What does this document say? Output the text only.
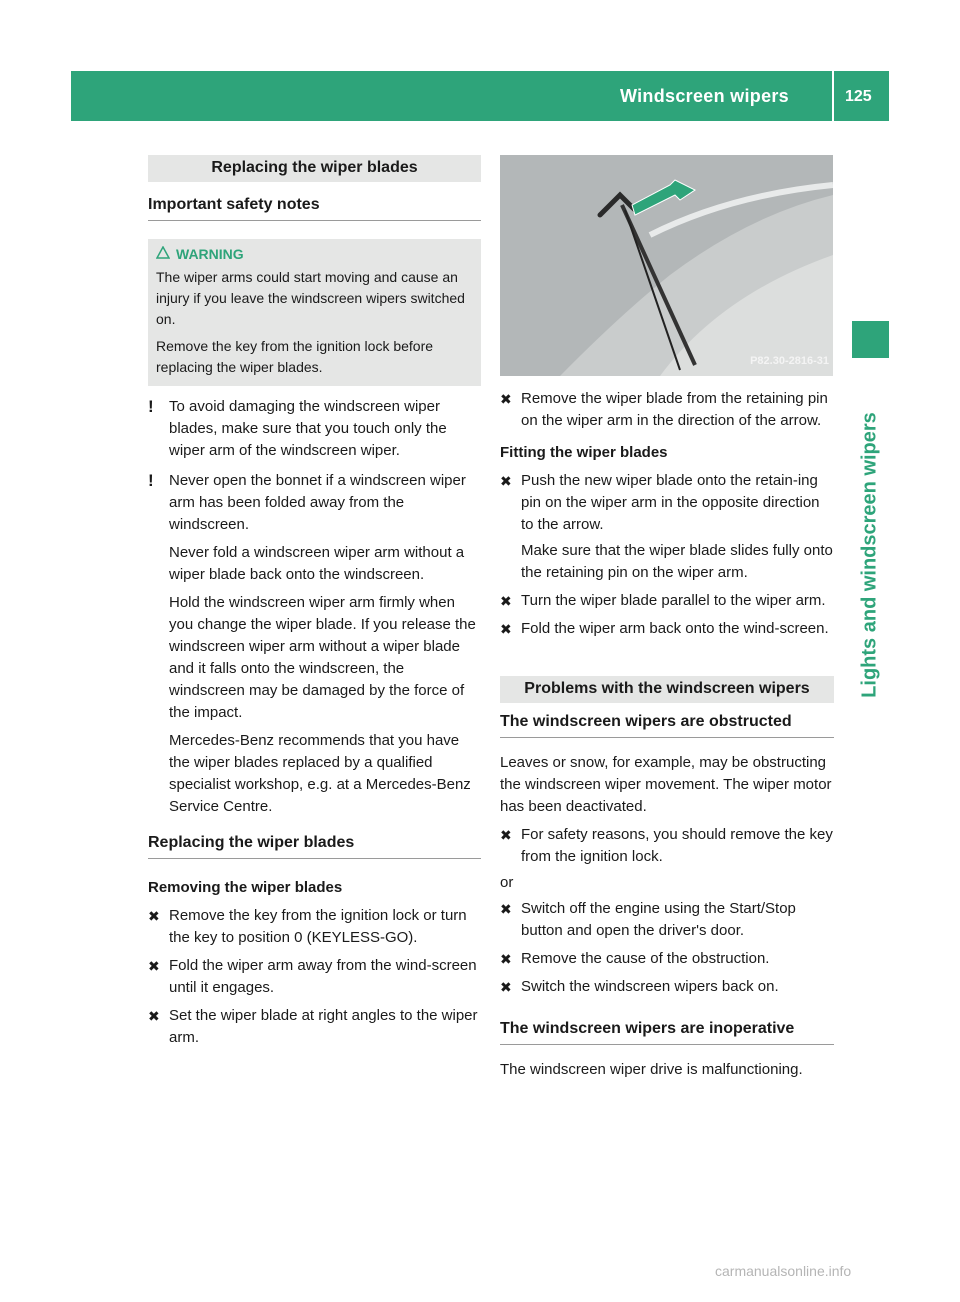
Windscreen wipers	125
Lights and windscreen wipers
Replacing the wiper blades
Important safety notes
WARNING

The wiper arms could start moving and cause an injury if you leave the windscreen wipers switched on.

Remove the key from the ignition lock before replacing the wiper blades.

! To avoid damaging the windscreen wiper blades, make sure that you touch only the wiper arm of the windscreen wiper.

! Never open the bonnet if a windscreen wiper arm has been folded away from the windscreen.

Never fold a windscreen wiper arm without a wiper blade back onto the windscreen.

Hold the windscreen wiper arm firmly when you change the wiper blade. If you release the windscreen wiper arm without a wiper blade and it falls onto the windscreen, the windscreen may be damaged by the force of the impact.

Mercedes-Benz recommends that you have the wiper blades replaced by a qualified specialist workshop, e.g. at a Mercedes-Benz Service Centre.

Replacing the wiper blades
Removing the wiper blades
✖ Remove the key from the ignition lock or turn the key to position 0 (KEYLESS-GO).

✖ Fold the wiper arm away from the wind-screen until it engages.

✖ Set the wiper blade at right angles to the wiper arm.

P82.30-2816-31
✖ Remove the wiper blade from the retaining pin on the wiper arm in the direction of the arrow.

Fitting the wiper blades
✖ Push the new wiper blade onto the retain-ing pin on the wiper arm in the opposite direction to the arrow.

Make sure that the wiper blade slides fully onto the retaining pin on the wiper arm.

✖ Turn the wiper blade parallel to the wiper arm.

✖ Fold the wiper arm back onto the wind-screen.

Problems with the windscreen wipers
The windscreen wipers are obstructed

Leaves or snow, for example, may be obstructing the windscreen wiper movement. The wiper motor has been deactivated.

✖ For safety reasons, you should remove the key from the ignition lock.

or

✖ Switch off the engine using the Start/Stop button and open the driver's door.

✖ Remove the cause of the obstruction.

✖ Switch the windscreen wipers back on.

The windscreen wipers are inoperative

The windscreen wiper drive is malfunctioning.

carmanualsonline.info
